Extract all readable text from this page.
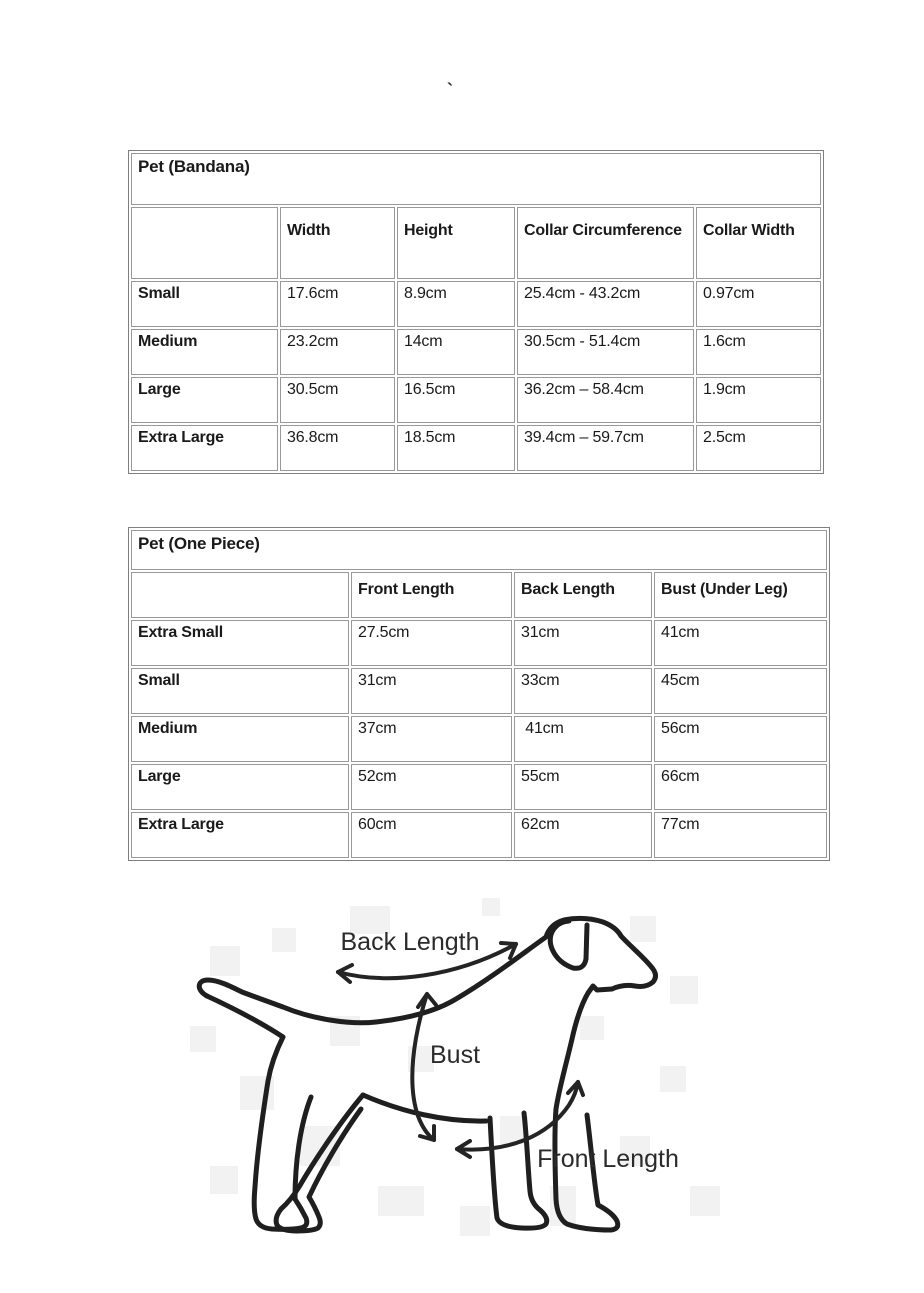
`
Pet (Bandana)				
	Width	Height	Collar Circumference	Collar Width
Small	17.6cm	8.9cm	25.4cm - 43.2cm	0.97cm
Medium	23.2cm	14cm	30.5cm - 51.4cm	1.6cm
Large	30.5cm	16.5cm	36.2cm – 58.4cm	1.9cm
Extra Large	36.8cm	18.5cm	39.4cm – 59.7cm	2.5cm
Pet (One Piece)			
	Front Length	Back Length	Bust (Under Leg)
Extra Small	27.5cm	31cm	41cm
Small	31cm	33cm	45cm
Medium	37cm	41cm	56cm
Large	52cm	55cm	66cm
Extra Large	60cm	62cm	77cm
Back Length
Bust
Front Length
